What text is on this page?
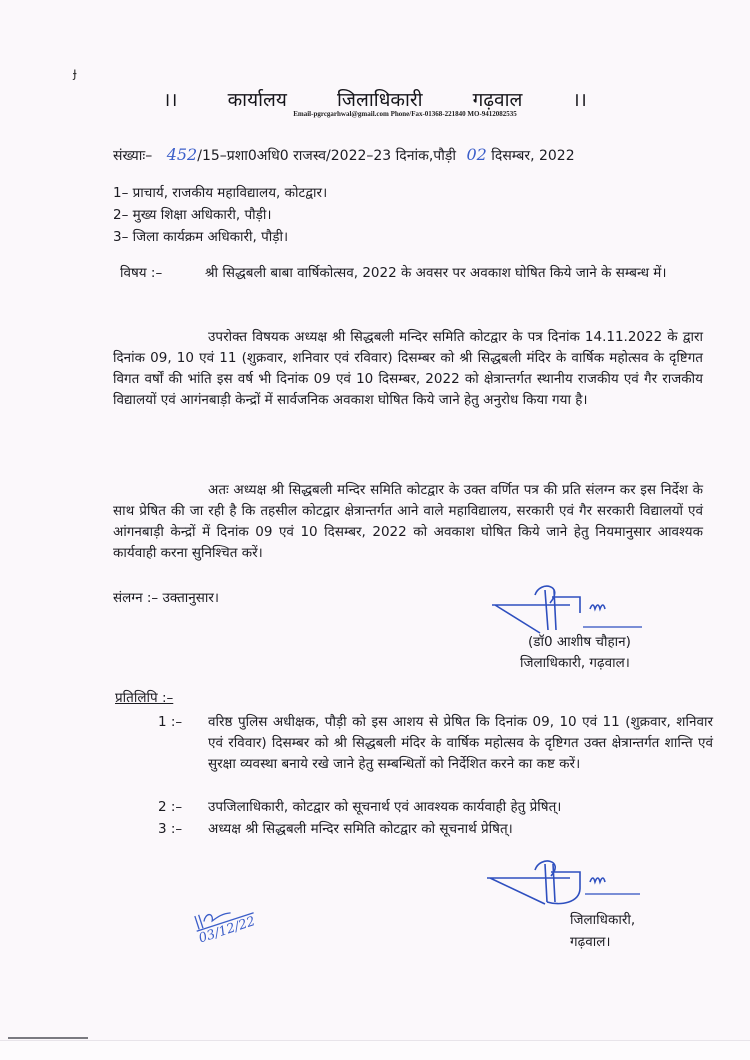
ɟ
।।	कार्यालय	जिलाधिकारी	गढ़वाल	।।
Email-pgrcgarhwal@gmail.com Phone/Fax-01368-221840 MO-9412082535
संख्याः– 452/15–प्रशा0अधि0 राजस्व/2022–23 दिनांक,पौड़ी 02 दिसम्बर, 2022
1– प्राचार्य, राजकीय महाविद्यालय, कोटद्वार।
2– मुख्य शिक्षा अधिकारी, पौड़ी।
3– जिला कार्यक्रम अधिकारी, पौड़ी।
विषय :–	श्री सिद्धबली बाबा वार्षिकोत्सव, 2022 के अवसर पर अवकाश घोषित किये जाने के सम्बन्ध में।
उपरोक्त विषयक अध्यक्ष श्री सिद्धबली मन्दिर समिति कोटद्वार के पत्र दिनांक 14.11.2022 के द्वारा दिनांक 09, 10 एवं 11 (शुक्रवार, शनिवार एवं रविवार) दिसम्बर को श्री सिद्धबली मंदिर के वार्षिक महोत्सव के दृष्टिगत विगत वर्षों की भांति इस वर्ष भी दिनांक 09 एवं 10 दिसम्बर, 2022 को क्षेत्रान्तर्गत स्थानीय राजकीय एवं गैर राजकीय विद्यालयों एवं आगंनबाड़ी केन्द्रों में सार्वजनिक अवकाश घोषित किये जाने हेतु अनुरोध किया गया है।
अतः अध्यक्ष श्री सिद्धबली मन्दिर समिति कोटद्वार के उक्त वर्णित पत्र की प्रति संलग्न कर इस निर्देश के साथ प्रेषित की जा रही है कि तहसील कोटद्वार क्षेत्रान्तर्गत आने वाले महाविद्यालय, सरकारी एवं गैर सरकारी विद्यालयों एवं आंगनबाड़ी केन्द्रों में दिनांक 09 एवं 10 दिसम्बर, 2022 को अवकाश घोषित किये जाने हेतु नियमानुसार आवश्यक कार्यवाही करना सुनिश्चित करें।
संलग्न :– उक्तानुसार।
(डॉ0 आशीष चौहान)
जिलाधिकारी, गढ़वाल।
प्रतिलिपि :–
1 :–	वरिष्ठ पुलिस अधीक्षक, पौड़ी को इस आशय से प्रेषित कि दिनांक 09, 10 एवं 11 (शुक्रवार, शनिवार एवं रविवार) दिसम्बर को श्री सिद्धबली मंदिर के वार्षिक महोत्सव के दृष्टिगत उक्त क्षेत्रान्तर्गत शान्ति एवं सुरक्षा व्यवस्था बनाये रखे जाने हेतु सम्बन्धितों को निर्देशित करने का कष्ट करें।
2 :–	उपजिलाधिकारी, कोटद्वार को सूचनार्थ एवं आवश्यक कार्यवाही हेतु प्रेषित्।
3 :–	अध्यक्ष श्री सिद्धबली मन्दिर समिति कोटद्वार को सूचनार्थ प्रेषित्।
जिलाधिकारी,
गढ़वाल।
03/12/22
